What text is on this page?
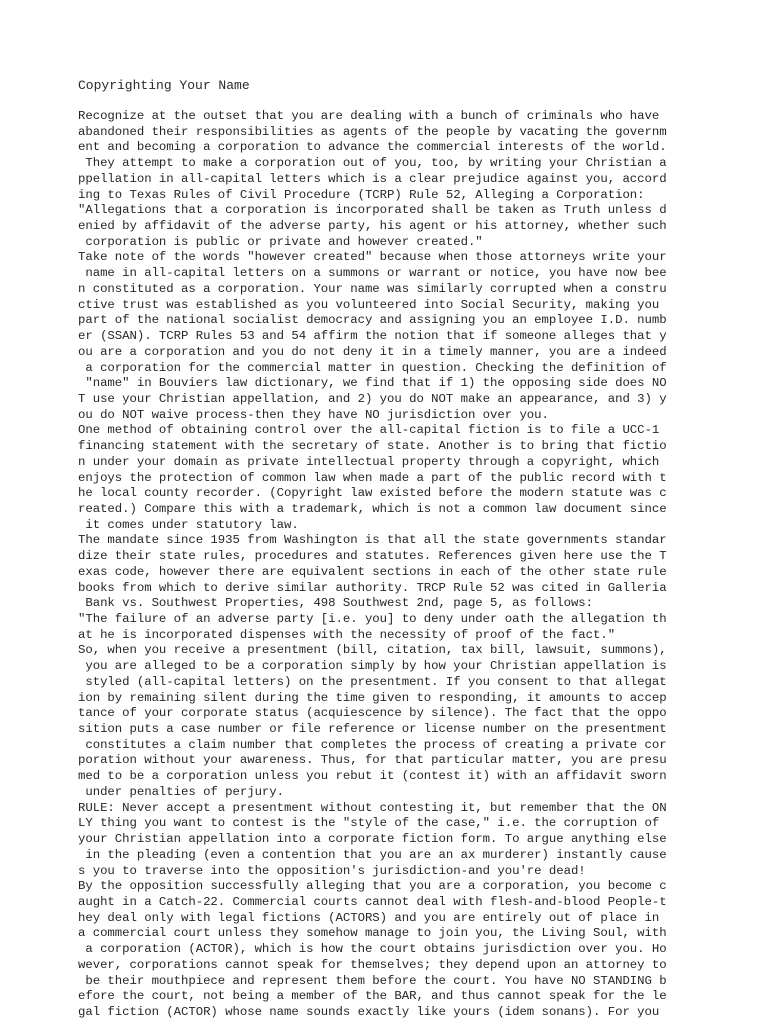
Copyrighting Your Name
Recognize at the outset that you are dealing with a bunch of criminals who have
abandoned their responsibilities as agents of the people by vacating the governm
ent and becoming a corporation to advance the commercial interests of the world.
They attempt to make a corporation out of you, too, by writing your Christian a
ppellation in all-capital letters which is a clear prejudice against you, accord
ing to Texas Rules of Civil Procedure (TCRP) Rule 52, Alleging a Corporation:
"Allegations that a corporation is incorporated shall be taken as Truth unless d
enied by affidavit of the adverse party, his agent or his attorney, whether such
corporation is public or private and however created."
Take note of the words "however created" because when those attorneys write your
name in all-capital letters on a summons or warrant or notice, you have now bee
n constituted as a corporation. Your name was similarly corrupted when a constru
ctive trust was established as you volunteered into Social Security, making you
part of the national socialist democracy and assigning you an employee I.D. numb
er (SSAN). TCRP Rules 53 and 54 affirm the notion that if someone alleges that y
ou are a corporation and you do not deny it in a timely manner, you are a indeed
a corporation for the commercial matter in question. Checking the definition of
"name" in Bouviers law dictionary, we find that if 1) the opposing side does NO
T use your Christian appellation, and 2) you do NOT make an appearance, and 3) y
ou do NOT waive process-then they have NO jurisdiction over you.
One method of obtaining control over the all-capital fiction is to file a UCC-1
financing statement with the secretary of state. Another is to bring that fictio
n under your domain as private intellectual property through a copyright, which
enjoys the protection of common law when made a part of the public record with t
he local county recorder. (Copyright law existed before the modern statute was c
reated.) Compare this with a trademark, which is not a common law document since
it comes under statutory law.
The mandate since 1935 from Washington is that all the state governments standar
dize their state rules, procedures and statutes. References given here use the T
exas code, however there are equivalent sections in each of the other state rule
books from which to derive similar authority. TRCP Rule 52 was cited in Galleria
Bank vs. Southwest Properties, 498 Southwest 2nd, page 5, as follows:
"The failure of an adverse party [i.e. you] to deny under oath the allegation th
at he is incorporated dispenses with the necessity of proof of the fact."
So, when you receive a presentment (bill, citation, tax bill, lawsuit, summons),
you are alleged to be a corporation simply by how your Christian appellation is
styled (all-capital letters) on the presentment. If you consent to that allegat
ion by remaining silent during the time given to responding, it amounts to accep
tance of your corporate status (acquiescence by silence). The fact that the oppo
sition puts a case number or file reference or license number on the presentment
constitutes a claim number that completes the process of creating a private cor
poration without your awareness. Thus, for that particular matter, you are presu
med to be a corporation unless you rebut it (contest it) with an affidavit sworn
under penalties of perjury.
RULE: Never accept a presentment without contesting it, but remember that the ON
LY thing you want to contest is the "style of the case," i.e. the corruption of
your Christian appellation into a corporate fiction form. To argue anything else
in the pleading (even a contention that you are an ax murderer) instantly cause
s you to traverse into the opposition's jurisdiction-and you're dead!
By the opposition successfully alleging that you are a corporation, you become c
aught in a Catch-22. Commercial courts cannot deal with flesh-and-blood People-t
hey deal only with legal fictions (ACTORS) and you are entirely out of place in
a commercial court unless they somehow manage to join you, the Living Soul, with
a corporation (ACTOR), which is how the court obtains jurisdiction over you. Ho
wever, corporations cannot speak for themselves; they depend upon an attorney to
be their mouthpiece and represent them before the court. You have NO STANDING b
efore the court, not being a member of the BAR, and thus cannot speak for the le
gal fiction (ACTOR) whose name sounds exactly like yours (idem sonans). For you
